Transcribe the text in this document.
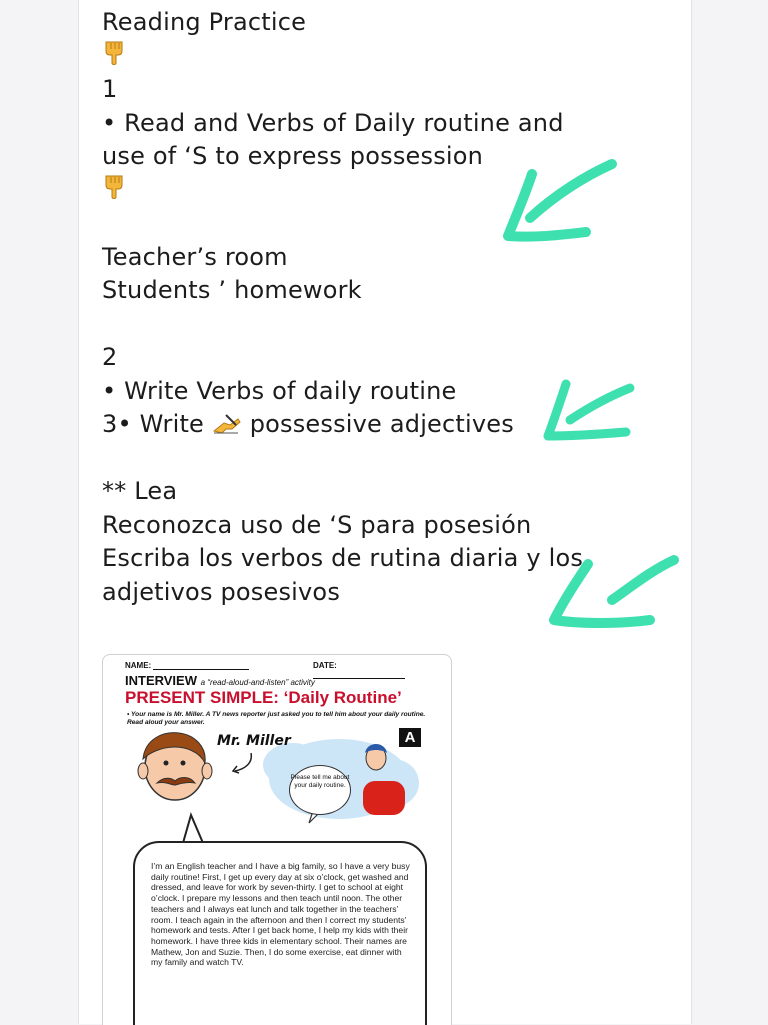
Reading Practice
1
• Read and Verbs of Daily routine and
use of ‘S to express possession
Teacher’s room
Students ’ homework
2
• Write Verbs of daily routine
3• Write  possessive adjectives
** Lea
Reconozca uso de ‘S para posesión
Escriba los verbos de rutina diaria y los
adjetivos posesivos
NAME:	DATE:
INTERVIEW a “read-aloud-and-listen” activity
PRESENT SIMPLE: ‘Daily Routine’
• Your name is Mr. Miller. A TV news reporter just asked you to tell him about your daily routine. Read aloud your answer.
A
Mr. Miller
Please tell me about your daily routine.
I’m an English teacher and I have a big family, so I have a very busy daily routine! First, I get up every day at six o’clock, get washed and dressed, and leave for work by seven-thirty. I get to school at eight o’clock. I prepare my lessons and then teach until noon. The other teachers and I always eat lunch and talk together in the teachers’ room. I teach again in the afternoon and then I correct my students’ homework and tests. After I get back home, I help my kids with their homework. I have three kids in elementary school. Their names are Mathew, Jon and Suzie. Then, I do some exercise, eat dinner with my family and watch TV.
